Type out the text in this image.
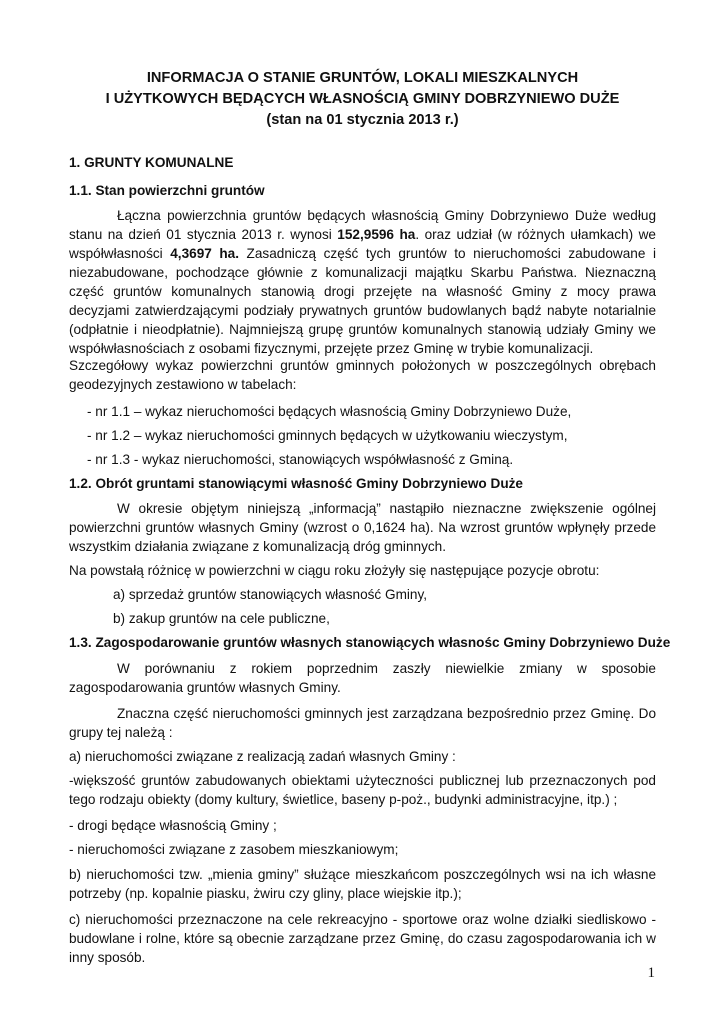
INFORMACJA O STANIE GRUNTÓW, LOKALI MIESZKALNYCH
I UŻYTKOWYCH BĘDĄCYCH WŁASNOŚCIĄ GMINY DOBRZYNIEWO DUŻE
(stan na 01 stycznia 2013 r.)
1. GRUNTY KOMUNALNE
1.1. Stan powierzchni gruntów
Łączna powierzchnia gruntów będących własnością Gminy Dobrzyniewo Duże według stanu na dzień 01 stycznia 2013 r. wynosi 152,9596 ha. oraz udział (w różnych ułamkach) we współwłasności 4,3697 ha. Zasadniczą część tych gruntów to nieruchomości zabudowane i niezabudowane, pochodzące głównie z komunalizacji majątku Skarbu Państwa. Nieznaczną część gruntów komunalnych stanowią drogi przejęte na własność Gminy z mocy prawa decyzjami zatwierdzającymi podziały prywatnych gruntów budowlanych bądź nabyte notarialnie (odpłatnie i nieodpłatnie). Najmniejszą grupę gruntów komunalnych stanowią udziały Gminy we współwłasnościach z osobami fizycznymi, przejęte przez Gminę w trybie komunalizacji.
Szczegółowy wykaz powierzchni gruntów gminnych położonych w poszczególnych obrębach geodezyjnych zestawiono w tabelach:
- nr 1.1 – wykaz nieruchomości będących własnością Gminy Dobrzyniewo Duże,
- nr 1.2 – wykaz nieruchomości gminnych będących w użytkowaniu wieczystym,
- nr 1.3 - wykaz nieruchomości, stanowiących współwłasność z Gminą.
1.2. Obrót gruntami stanowiącymi własność Gminy Dobrzyniewo Duże
W okresie objętym niniejszą „informacją” nastąpiło nieznaczne zwiększenie ogólnej powierzchni gruntów własnych Gminy (wzrost o 0,1624 ha). Na wzrost gruntów wpłynęły przede wszystkim działania związane z komunalizacją dróg gminnych.
Na powstałą różnicę w powierzchni w ciągu roku złożyły się następujące pozycje obrotu:
a) sprzedaż gruntów stanowiących własność Gminy,
b) zakup gruntów na cele publiczne,
1.3. Zagospodarowanie gruntów własnych stanowiących własnośc Gminy Dobrzyniewo Duże
W porównaniu z rokiem poprzednim zaszły niewielkie zmiany w sposobie zagospodarowania gruntów własnych Gminy.
Znaczna część nieruchomości gminnych jest zarządzana bezpośrednio przez Gminę. Do grupy tej należą :
a) nieruchomości związane z realizacją zadań własnych Gminy :
-większość gruntów zabudowanych obiektami użyteczności publicznej lub przeznaczonych pod tego rodzaju obiekty (domy kultury, świetlice, baseny p-poż., budynki administracyjne, itp.) ;
- drogi będące własnością Gminy ;
- nieruchomości związane z zasobem mieszkaniowym;
b) nieruchomości tzw. „mienia gminy” służące mieszkańcom poszczególnych wsi na ich własne potrzeby (np. kopalnie piasku, żwiru czy gliny, place wiejskie itp.);
c) nieruchomości przeznaczone na cele rekreacyjno - sportowe oraz wolne działki siedliskowo - budowlane i rolne, które są obecnie zarządzane przez Gminę, do czasu zagospodarowania ich w inny sposób.
1
